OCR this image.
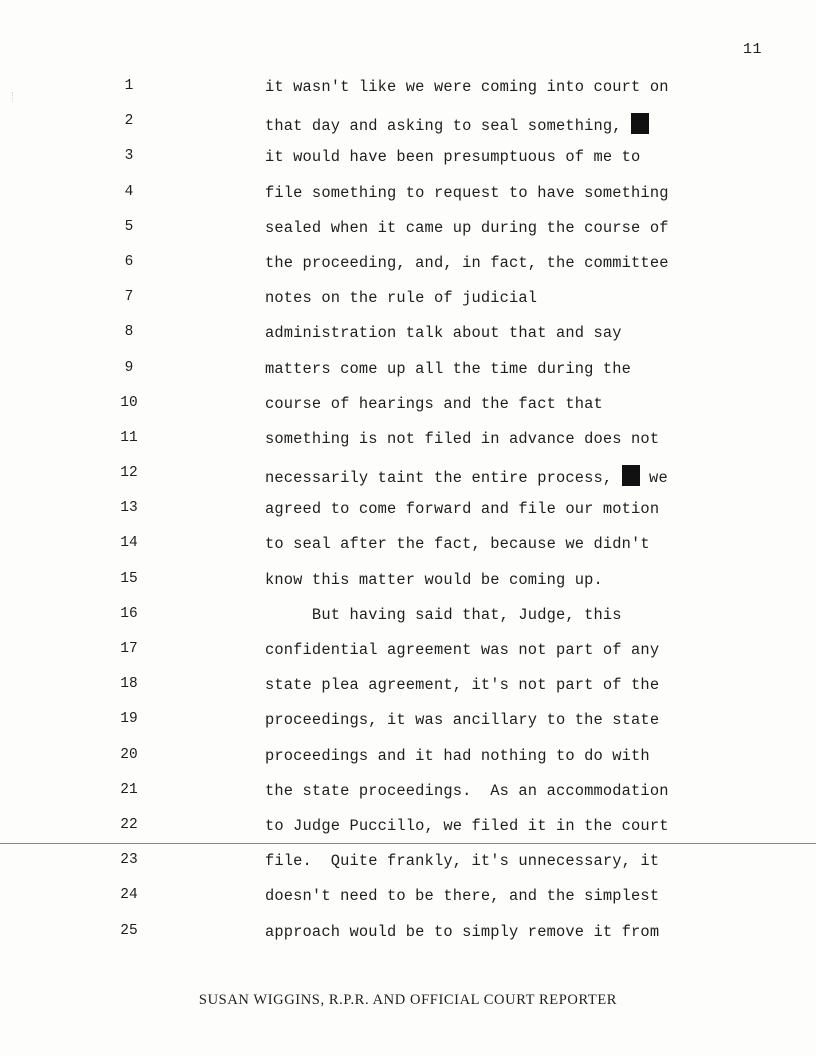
11
1	it wasn't like we were coming into court on
2	that day and asking to seal something,
3	it would have been presumptuous of me to
4	file something to request to have something
5	sealed when it came up during the course of
6	the proceeding, and, in fact, the committee
7	notes on the rule of judicial
8	administration talk about that and say
9	matters come up all the time during the
10	course of hearings and the fact that
11	something is not filed in advance does not
12	necessarily taint the entire process,  we
13	agreed to come forward and file our motion
14	to seal after the fact, because we didn't
15	know this matter would be coming up.
16	But having said that, Judge, this
17	confidential agreement was not part of any
18	state plea agreement, it's not part of the
19	proceedings, it was ancillary to the state
20	proceedings and it had nothing to do with
21	the state proceedings.  As an accommodation
22	to Judge Puccillo, we filed it in the court
23	file.  Quite frankly, it's unnecessary, it
24	doesn't need to be there, and the simplest
25	approach would be to simply remove it from
SUSAN WIGGINS, R.P.R. AND OFFICIAL COURT REPORTER
